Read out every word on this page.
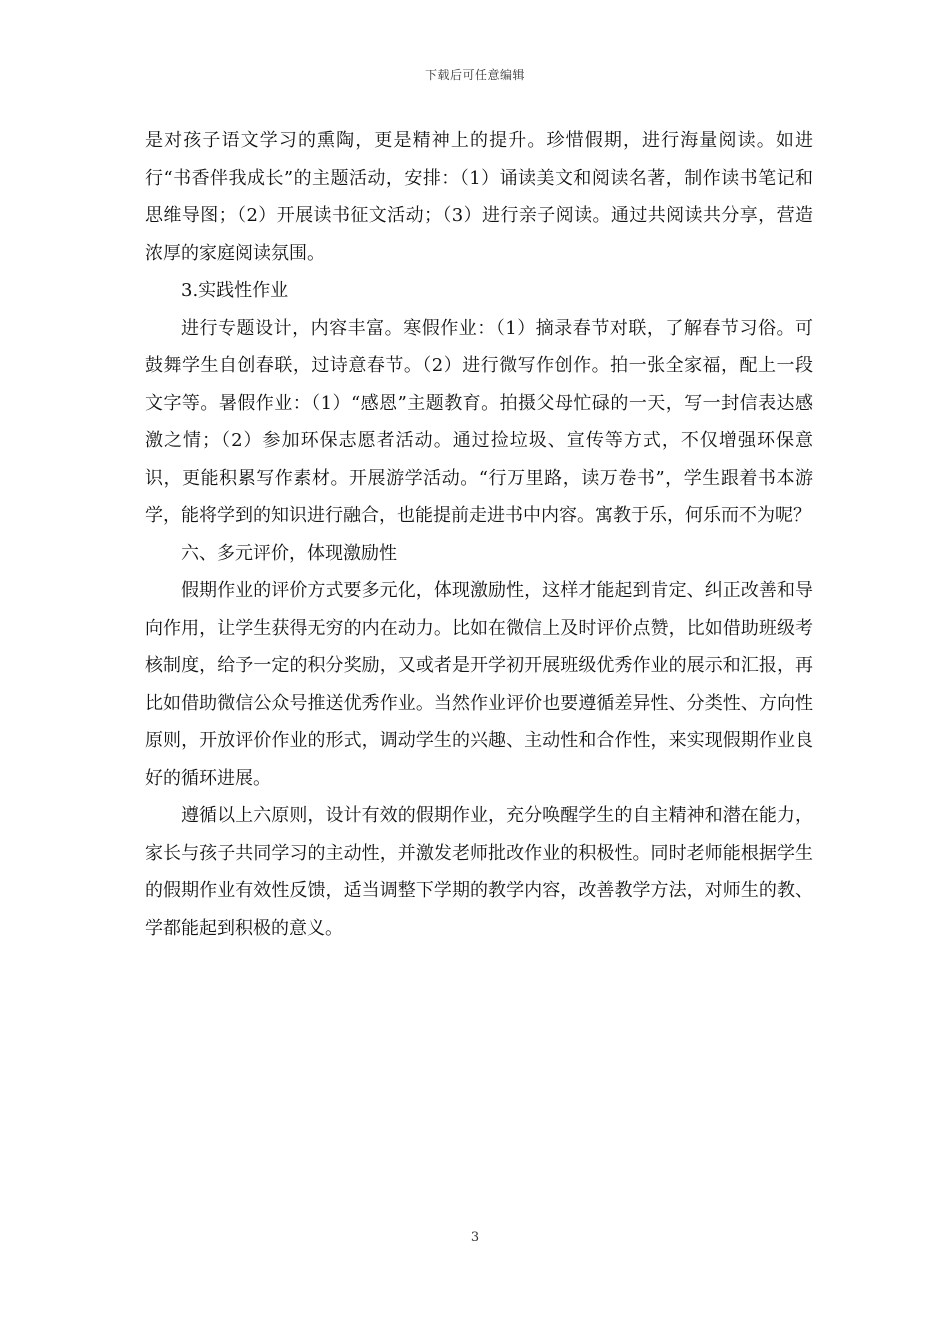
下载后可任意编辑

是对孩子语文学习的熏陶，更是精神上的提升。珍惜假期，进行海量阅读。如进行“书香伴我成长”的主题活动，安排：（1）诵读美文和阅读名著，制作读书笔记和思维导图；（2）开展读书征文活动；（3）进行亲子阅读。通过共阅读共分享，营造浓厚的家庭阅读氛围。

3.实践性作业

进行专题设计，内容丰富。寒假作业：（1）摘录春节对联，了解春节习俗。可鼓舞学生自创春联，过诗意春节。（2）进行微写作创作。拍一张全家福，配上一段文字等。暑假作业：（1）“感恩”主题教育。拍摄父母忙碌的一天，写一封信表达感激之情；（2）参加环保志愿者活动。通过捡垃圾、宣传等方式，不仅增强环保意识，更能积累写作素材。开展游学活动。“行万里路，读万卷书”，学生跟着书本游学，能将学到的知识进行融合，也能提前走进书中内容。寓教于乐，何乐而不为呢？

六、多元评价，体现激励性

假期作业的评价方式要多元化，体现激励性，这样才能起到肯定、纠正改善和导向作用，让学生获得无穷的内在动力。比如在微信上及时评价点赞，比如借助班级考核制度，给予一定的积分奖励，又或者是开学初开展班级优秀作业的展示和汇报，再比如借助微信公众号推送优秀作业。当然作业评价也要遵循差异性、分类性、方向性原则，开放评价作业的形式，调动学生的兴趣、主动性和合作性，来实现假期作业良好的循环进展。

遵循以上六原则，设计有效的假期作业，充分唤醒学生的自主精神和潜在能力，家长与孩子共同学习的主动性，并激发老师批改作业的积极性。同时老师能根据学生的假期作业有效性反馈，适当调整下学期的教学内容，改善教学方法，对师生的教、学都能起到积极的意义。

3
